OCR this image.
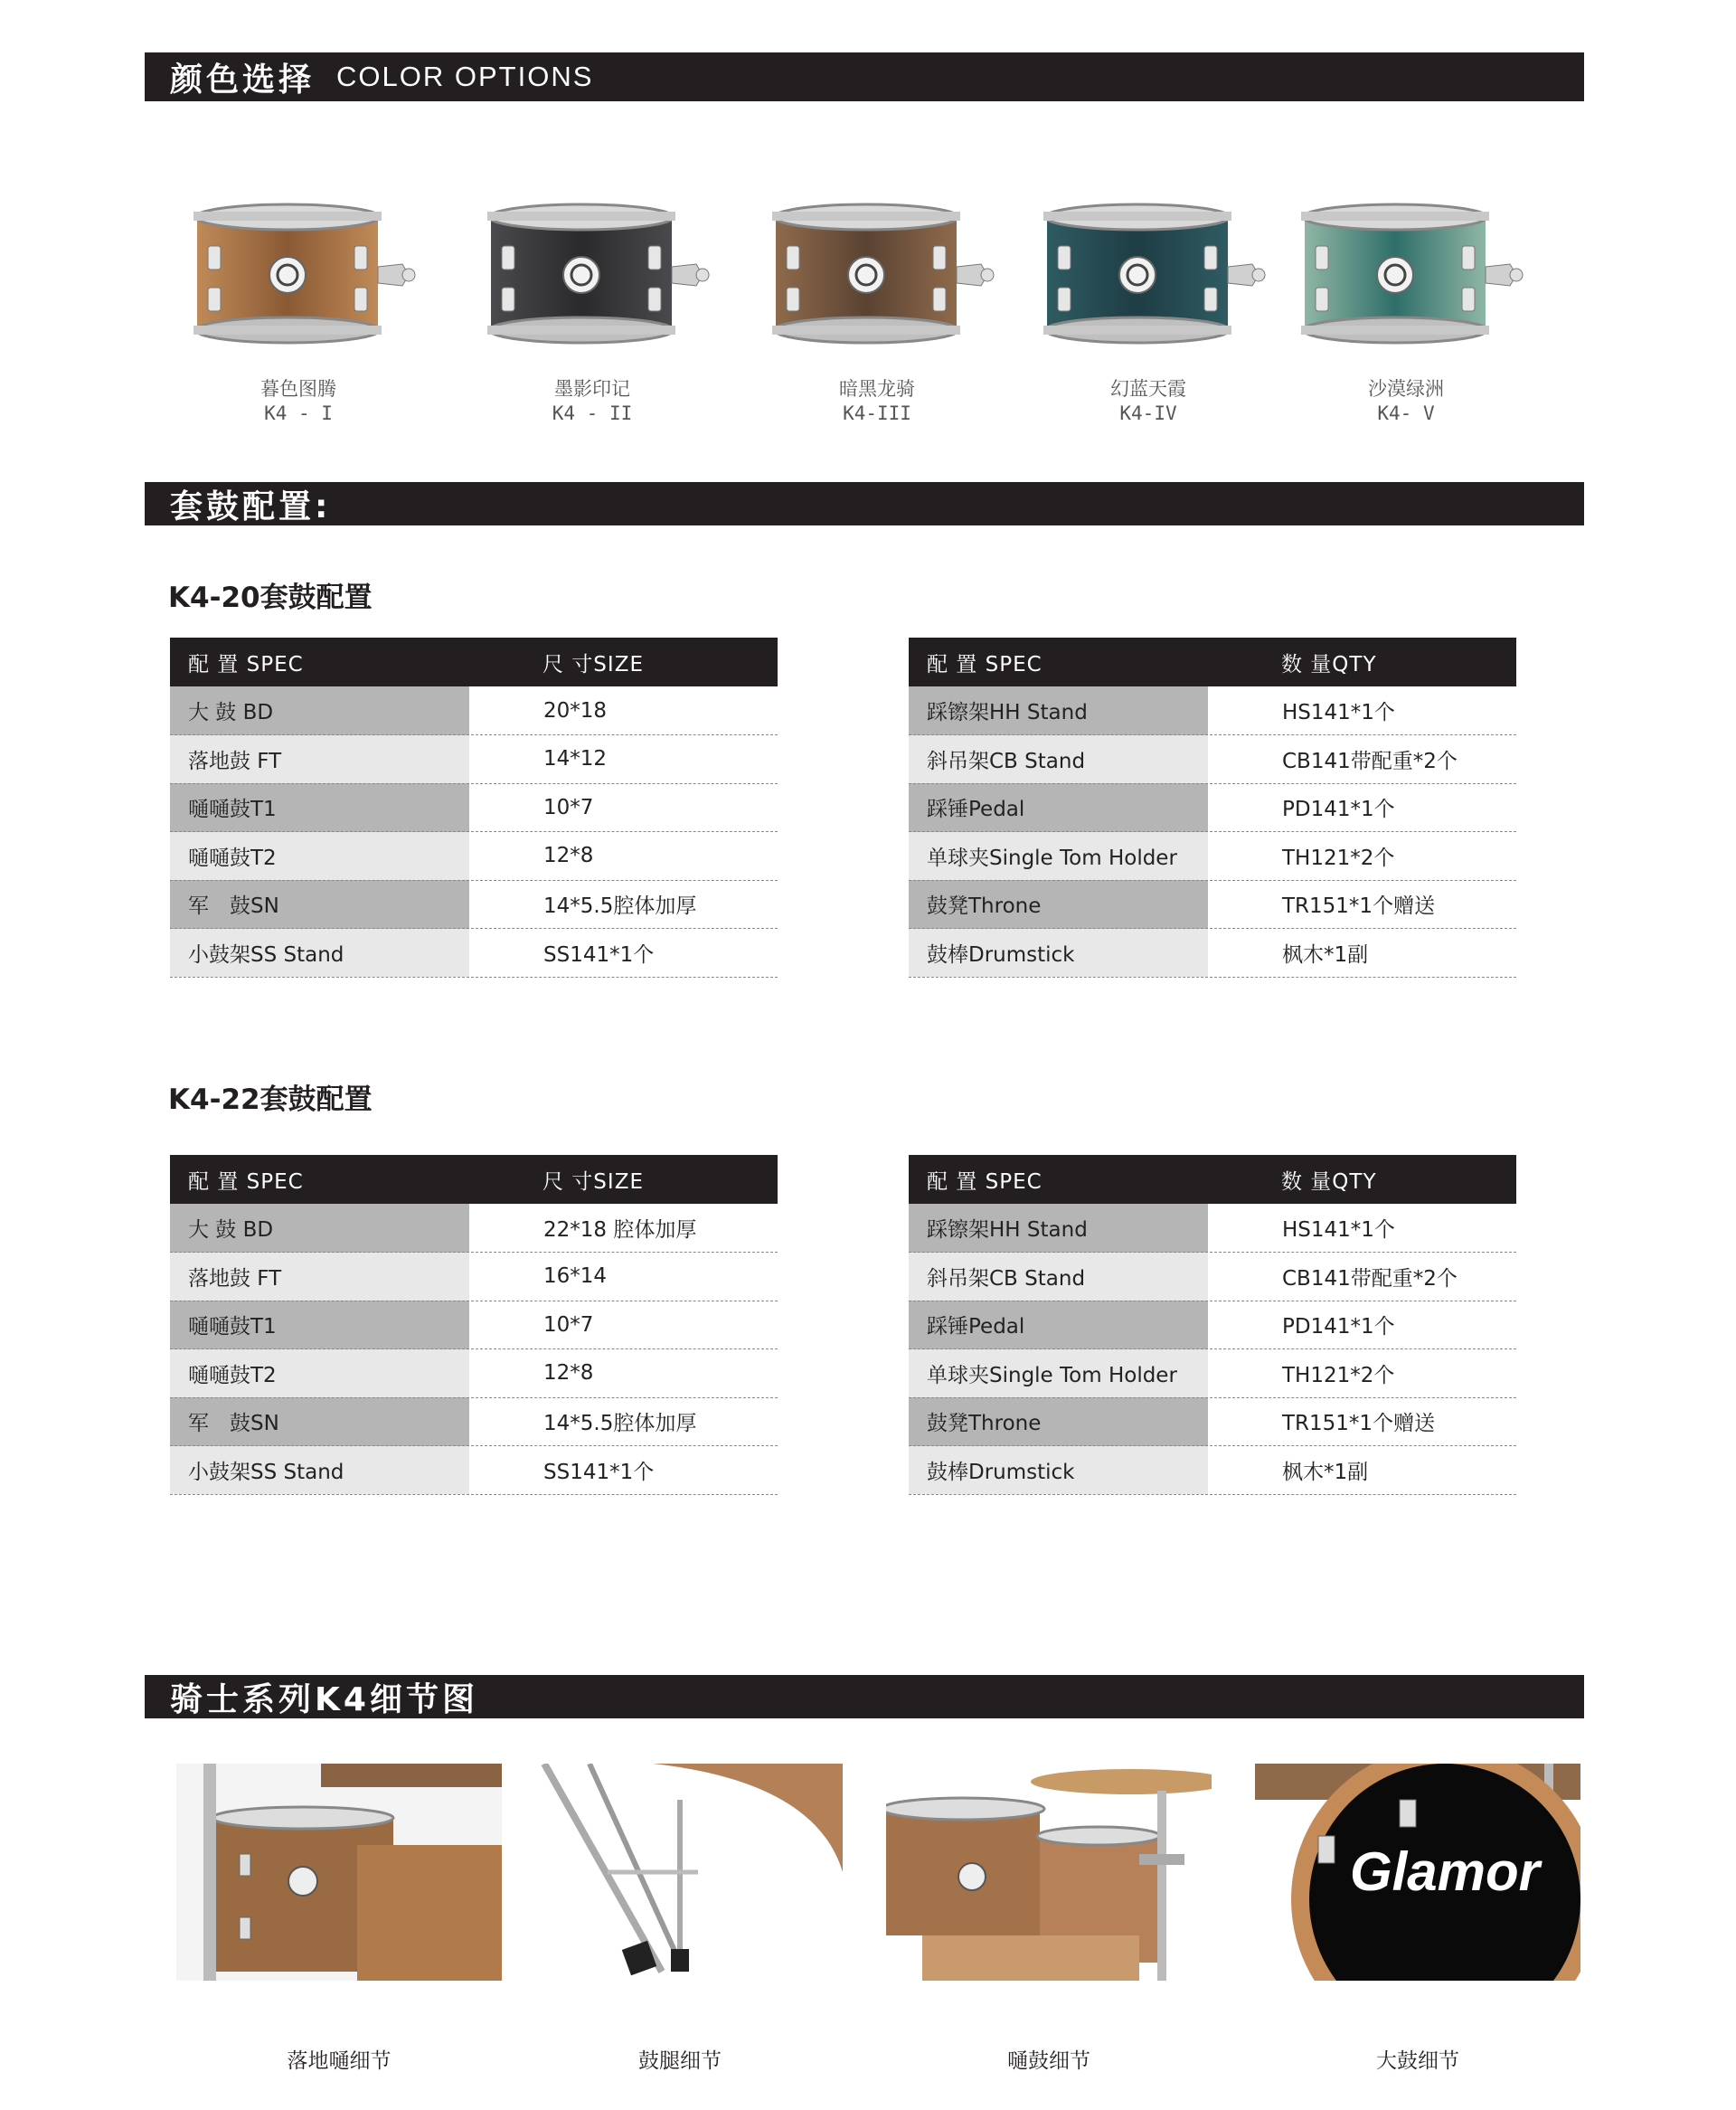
颜色选择 COLOR OPTIONS
暮色图腾
K4 - I
墨影印记
K4 - II
暗黑龙骑
K4-III
幻蓝天霞
K4-IV
沙漠绿洲
K4- V
套鼓配置:
K4-20套鼓配置
配 置 SPEC	尺 寸SIZE
大 鼓 BD	20*18
落地鼓 FT	14*12
嗵嗵鼓T1	10*7
嗵嗵鼓T2	12*8
军　鼓SN	14*5.5腔体加厚
小鼓架SS Stand	SS141*1个
配 置 SPEC	数 量QTY
踩镲架HH Stand	HS141*1个
斜吊架CB Stand	CB141带配重*2个
踩锤Pedal	PD141*1个
单球夹Single Tom Holder	TH121*2个
鼓凳Throne	TR151*1个赠送
鼓棒Drumstick	枫木*1副
K4-22套鼓配置
配 置 SPEC	尺 寸SIZE
大 鼓 BD	22*18 腔体加厚
落地鼓 FT	16*14
嗵嗵鼓T1	10*7
嗵嗵鼓T2	12*8
军　鼓SN	14*5.5腔体加厚
小鼓架SS Stand	SS141*1个
配 置 SPEC	数 量QTY
踩镲架HH Stand	HS141*1个
斜吊架CB Stand	CB141带配重*2个
踩锤Pedal	PD141*1个
单球夹Single Tom Holder	TH121*2个
鼓凳Throne	TR151*1个赠送
鼓棒Drumstick	枫木*1副
骑士系列K4细节图
落地嗵细节	鼓腿细节	嗵鼓细节
Glamor
大鼓细节
